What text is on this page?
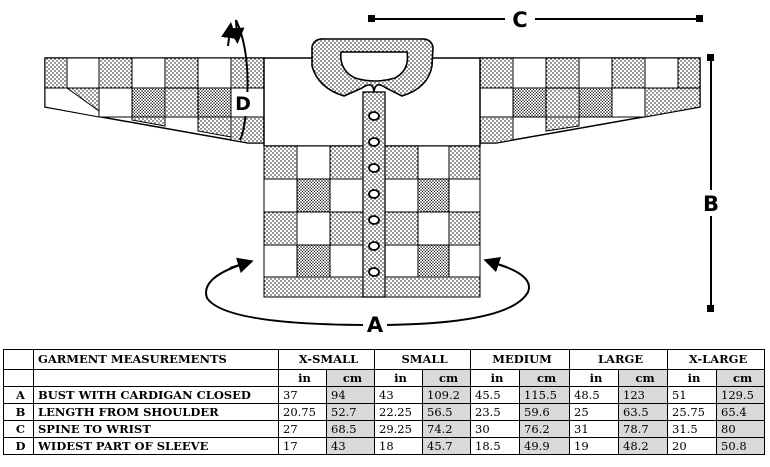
C
B
D
A
	GARMENT MEASUREMENTS	X-SMALL		SMALL		MEDIUM		LARGE		X-LARGE	
		in	cm	in	cm	in	cm	in	cm	in	cm
A	BUST WITH CARDIGAN CLOSED	37	94	43	109.2	45.5	115.5	48.5	123	51	129.5
B	LENGTH FROM SHOULDER	20.75	52.7	22.25	56.5	23.5	59.6	25	63.5	25.75	65.4
C	SPINE TO WRIST	27	68.5	29.25	74.2	30	76.2	31	78.7	31.5	80
D	WIDEST PART OF SLEEVE	17	43	18	45.7	18.5	49.9	19	48.2	20	50.8
